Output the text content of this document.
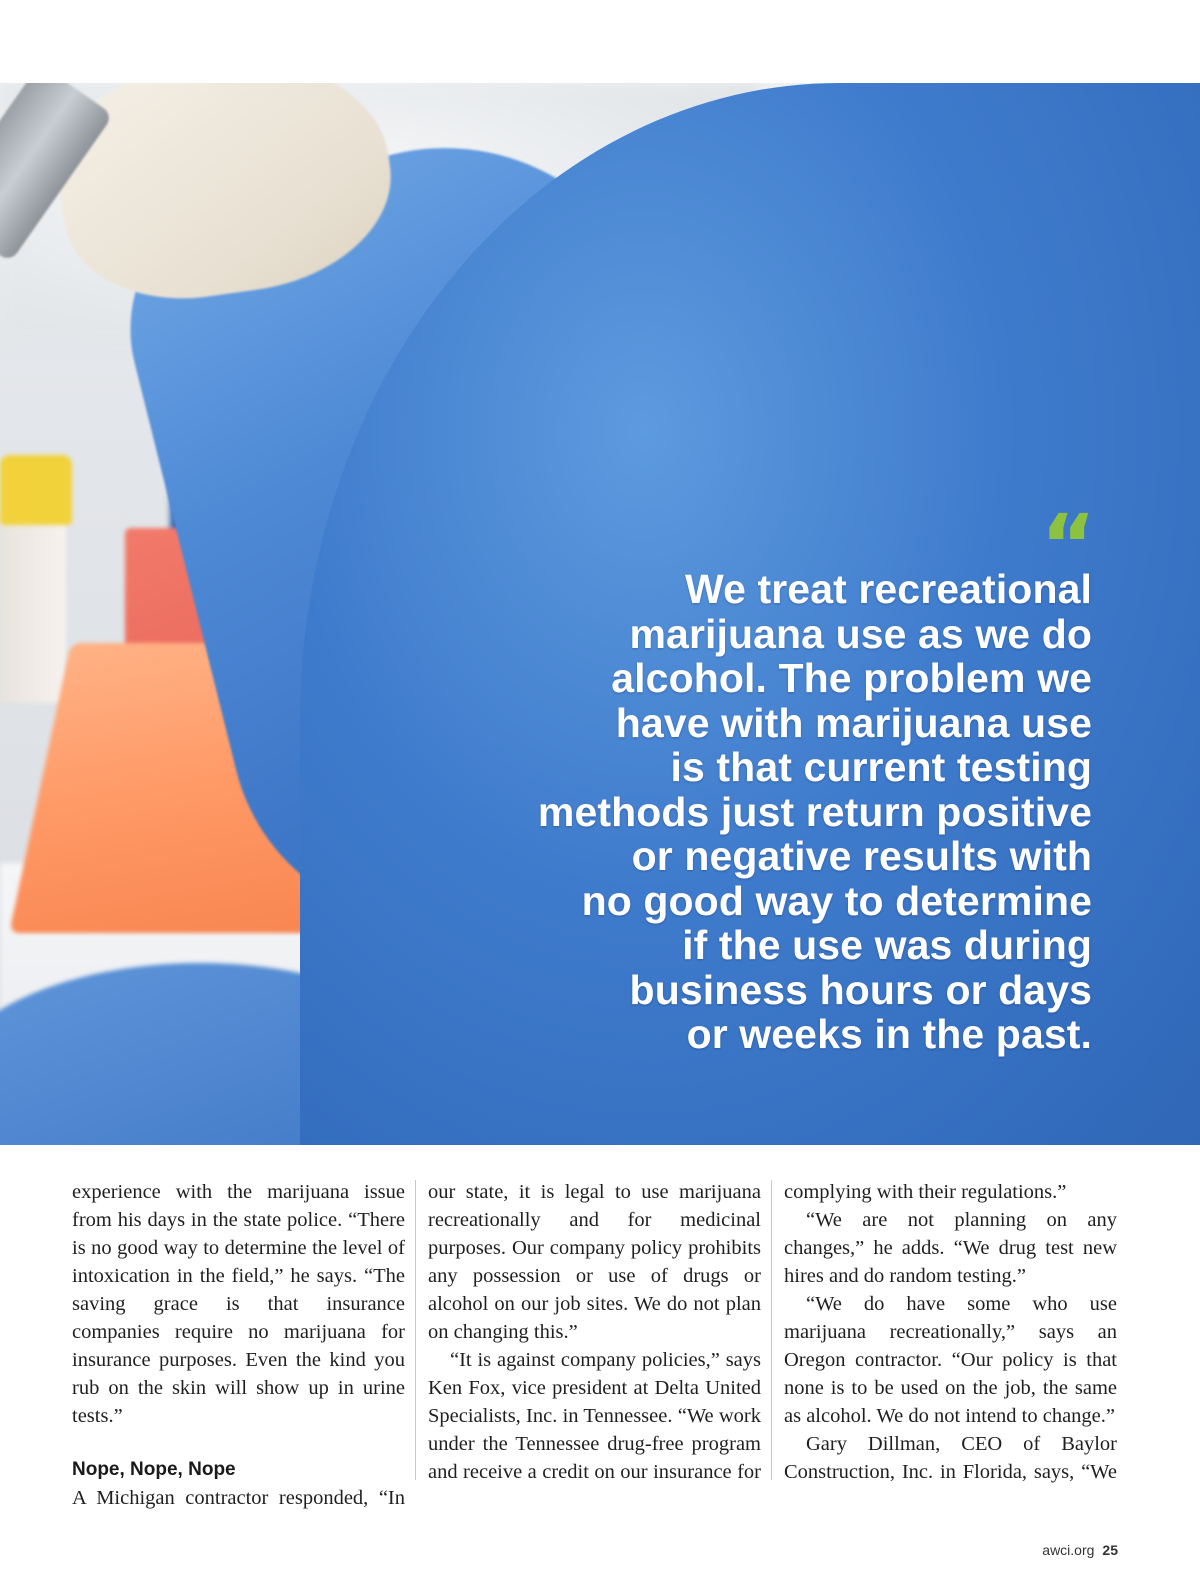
“

We treat recreational
marijuana use as we do
alcohol. The problem we
have with marijuana use
is that current testing
methods just return positive
or negative results with
no good way to determine
if the use was during
business hours or days
or weeks in the past.

experience with the marijuana issue from his days in the state police. “There is no good way to determine the level of intoxication in the field,” he says. “The saving grace is that insurance companies require no marijuana for insurance purposes. Even the kind you rub on the skin will show up in urine tests.”

Nope, Nope, Nope

A Michigan contractor responded, “In

our state, it is legal to use marijuana recreationally and for medicinal purposes. Our company policy prohibits any possession or use of drugs or alcohol on our job sites. We do not plan on changing this.”

“It is against company policies,” says Ken Fox, vice president at Delta United Specialists, Inc. in Tennessee. “We work under the Tennessee drug-free program and receive a credit on our insurance for

complying with their regulations.”

“We are not planning on any changes,” he adds. “We drug test new hires and do random testing.”

“We do have some who use marijuana recreationally,” says an Oregon contractor. “Our policy is that none is to be used on the job, the same as alcohol. We do not intend to change.”

Gary Dillman, CEO of Baylor Construction, Inc. in Florida, says, “We

awci.org 25
